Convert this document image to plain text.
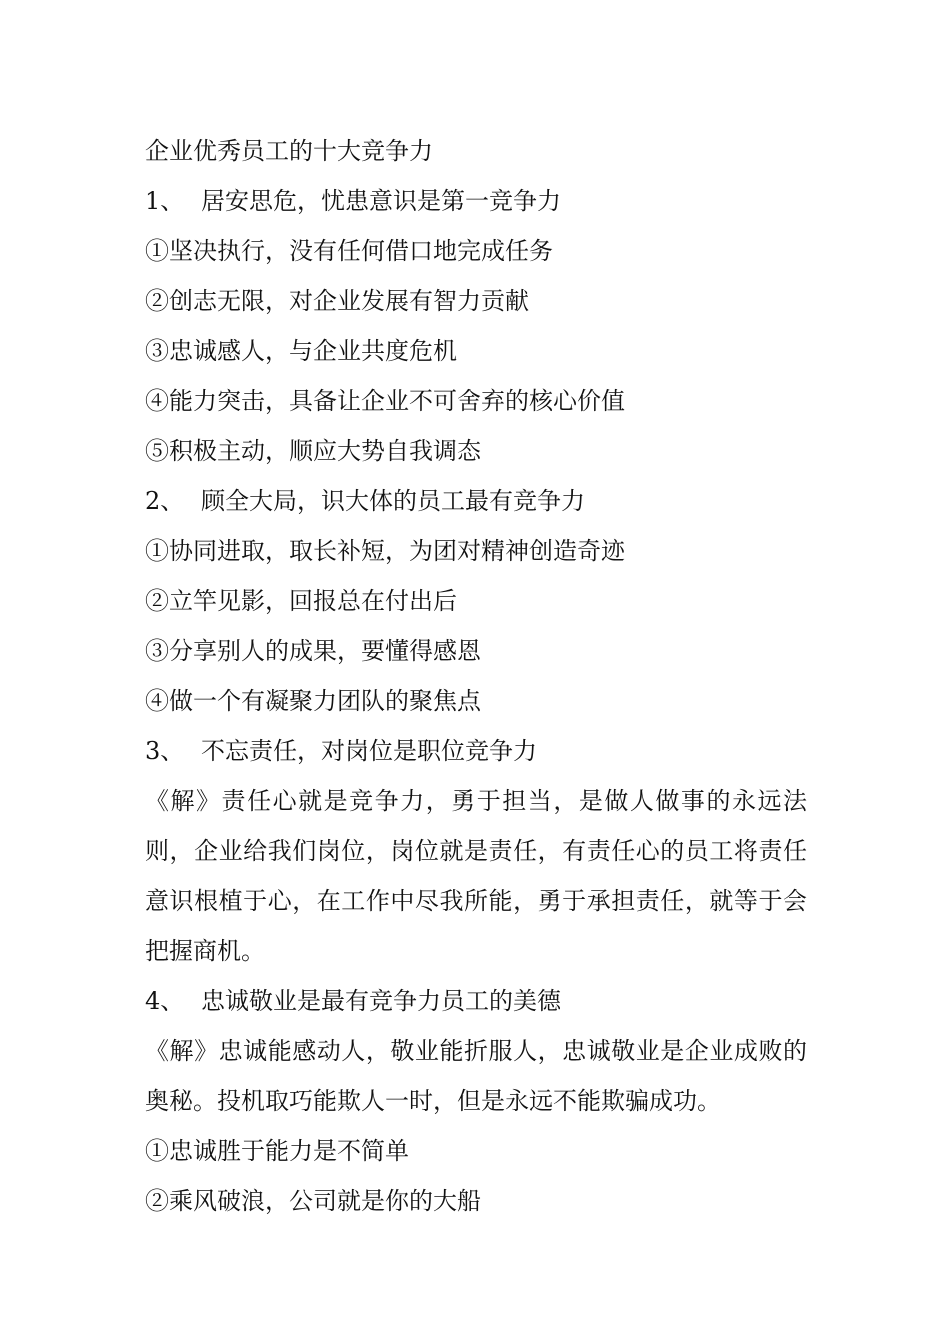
企业优秀员工的十大竞争力
1、 居安思危，忧患意识是第一竞争力
①坚决执行，没有任何借口地完成任务
②创志无限，对企业发展有智力贡献
③忠诚感人，与企业共度危机
④能力突击，具备让企业不可舍弃的核心价值
⑤积极主动，顺应大势自我调态
2、 顾全大局，识大体的员工最有竞争力
①协同进取，取长补短，为团对精神创造奇迹
②立竿见影，回报总在付出后
③分享别人的成果，要懂得感恩
④做一个有凝聚力团队的聚焦点
3、 不忘责任，对岗位是职位竞争力
《解》责任心就是竞争力，勇于担当，是做人做事的永远法则，企业给我们岗位，岗位就是责任，有责任心的员工将责任意识根植于心，在工作中尽我所能，勇于承担责任，就等于会把握商机。
4、 忠诚敬业是最有竞争力员工的美德
《解》忠诚能感动人，敬业能折服人，忠诚敬业是企业成败的奥秘。投机取巧能欺人一时，但是永远不能欺骗成功。
①忠诚胜于能力是不简单
②乘风破浪，公司就是你的大船
